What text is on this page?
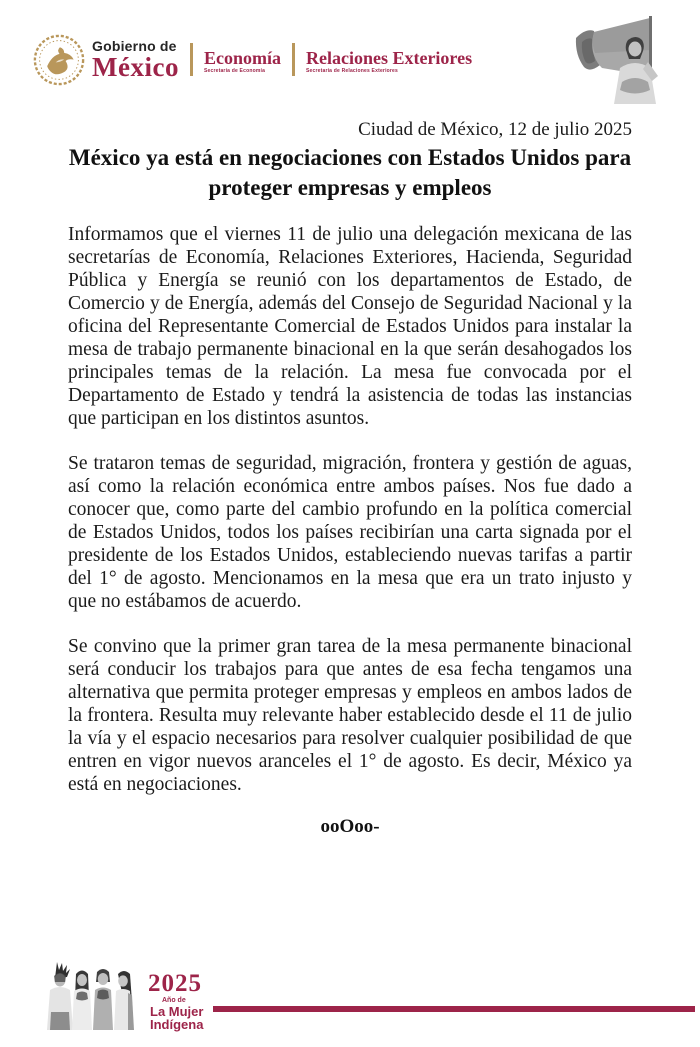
Gobierno de
México Economía
Secretaría de Economía
Relaciones Exteriores
Secretaría de Relaciones Exteriores

Ciudad de México, 12 de julio 2025

México ya está en negociaciones con Estados Unidos para proteger empresas y empleos

Informamos que el viernes 11 de julio una delegación mexicana de las secretarías de Economía, Relaciones Exteriores, Hacienda, Seguridad Pública y Energía se reunió con los departamentos de Estado, de Comercio y de Energía, además del Consejo de Seguridad Nacional y la oficina del Representante Comercial de Estados Unidos para instalar la mesa de trabajo permanente binacional en la que serán desahogados los principales temas de la relación. La mesa fue convocada por el Departamento de Estado y tendrá la asistencia de todas las instancias que participan en los distintos asuntos.

Se trataron temas de seguridad, migración, frontera y gestión de aguas, así como la relación económica entre ambos países. Nos fue dado a conocer que, como parte del cambio profundo en la política comercial de Estados Unidos, todos los países recibirían una carta signada por el presidente de los Estados Unidos, estableciendo nuevas tarifas a partir del 1° de agosto. Mencionamos en la mesa que era un trato injusto y que no estábamos de acuerdo.

Se convino que la primer gran tarea de la mesa permanente binacional será conducir los trabajos para que antes de esa fecha tengamos una alternativa que permita proteger empresas y empleos en ambos lados de la frontera. Resulta muy relevante haber establecido desde el 11 de julio la vía y el espacio necesarios para resolver cualquier posibilidad de que entren en vigor nuevos aranceles el 1° de agosto. Es decir, México ya está en negociaciones.

ooOoo-

2025
Año de
La Mujer
Indígena
